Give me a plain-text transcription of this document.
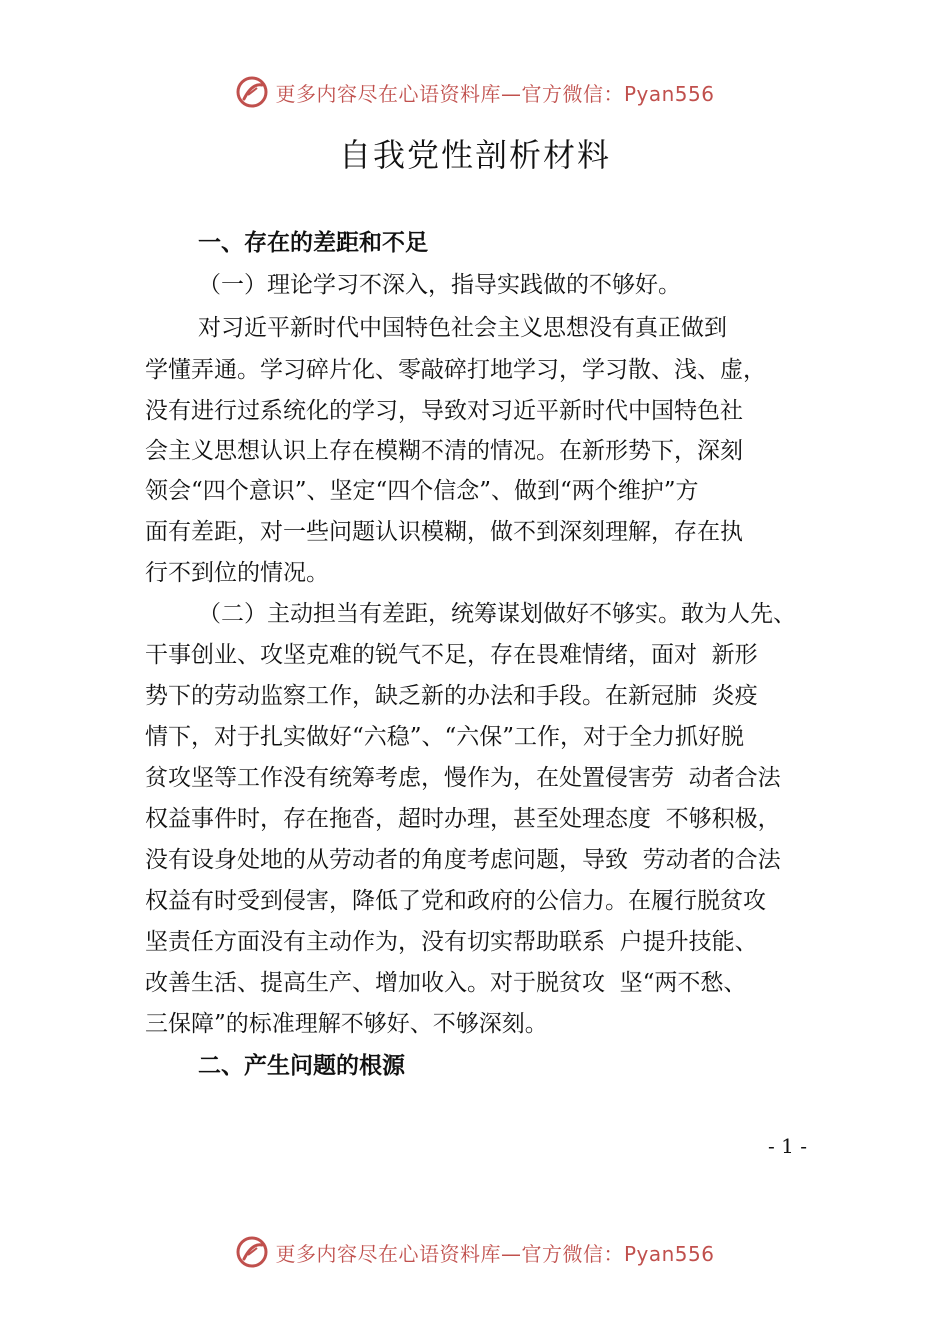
更多内容尽在心语资料库—官方微信：Pyan556
自我党性剖析材料

一、存在的差距和不足

（一）理论学习不深入，指导实践做的不够好。

对习近平新时代中国特色社会主义思想没有真正做到

学懂弄通。学习碎片化、零敲碎打地学习，学习散、浅、虚，

没有进行过系统化的学习，导致对习近平新时代中国特色社

会主义思想认识上存在模糊不清的情况。在新形势下，深刻

领会“四个意识”、坚定“四个信念”、做到“两个维护”方

面有差距，对一些问题认识模糊，做不到深刻理解，存在执

行不到位的情况。

（二）主动担当有差距，统筹谋划做好不够实。敢为人先、

干事创业、攻坚克难的锐气不足，存在畏难情绪，面对  新形

势下的劳动监察工作，缺乏新的办法和手段。在新冠肺  炎疫

情下，对于扎实做好“六稳”、“六保”工作，对于全力抓好脱

贫攻坚等工作没有统筹考虑，慢作为，在处置侵害劳  动者合法

权益事件时，存在拖沓，超时办理，甚至处理态度  不够积极，

没有设身处地的从劳动者的角度考虑问题，导致  劳动者的合法

权益有时受到侵害，降低了党和政府的公信力。在履行脱贫攻

坚责任方面没有主动作为，没有切实帮助联系  户提升技能、

改善生活、提高生产、增加收入。对于脱贫攻  坚“两不愁、

三保障”的标准理解不够好、不够深刻。

二、产生问题的根源

- 1 -
更多内容尽在心语资料库—官方微信：Pyan556
